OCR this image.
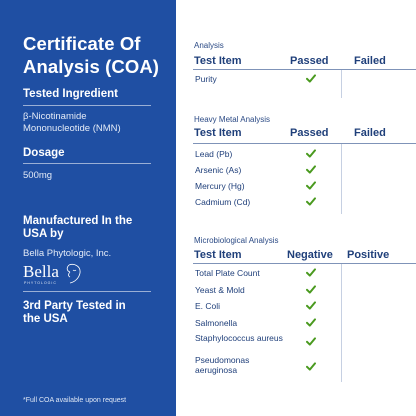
Certificate Of Analysis (COA)
Tested Ingredient
β-Nicotinamide Mononucleotide (NMN)
Dosage
500mg
Manufactured In the USA by
Bella Phytologic, Inc.
Bella
PHYTOLOGIC
3rd Party Tested in the USA
*Full COA available upon request
Analysis
Test Item	Passed Failed
Purity
Heavy Metal Analysis
Test Item	Passed Failed
Lead (Pb)
Arsenic (As)
Mercury (Hg)
Cadmium (Cd)
Microbiological Analysis
Test Item	Negative Positive
Total Plate Count
Yeast & Mold
E. Coli
Salmonella
Staphylococcus aureus
Pseudomonas aeruginosa
